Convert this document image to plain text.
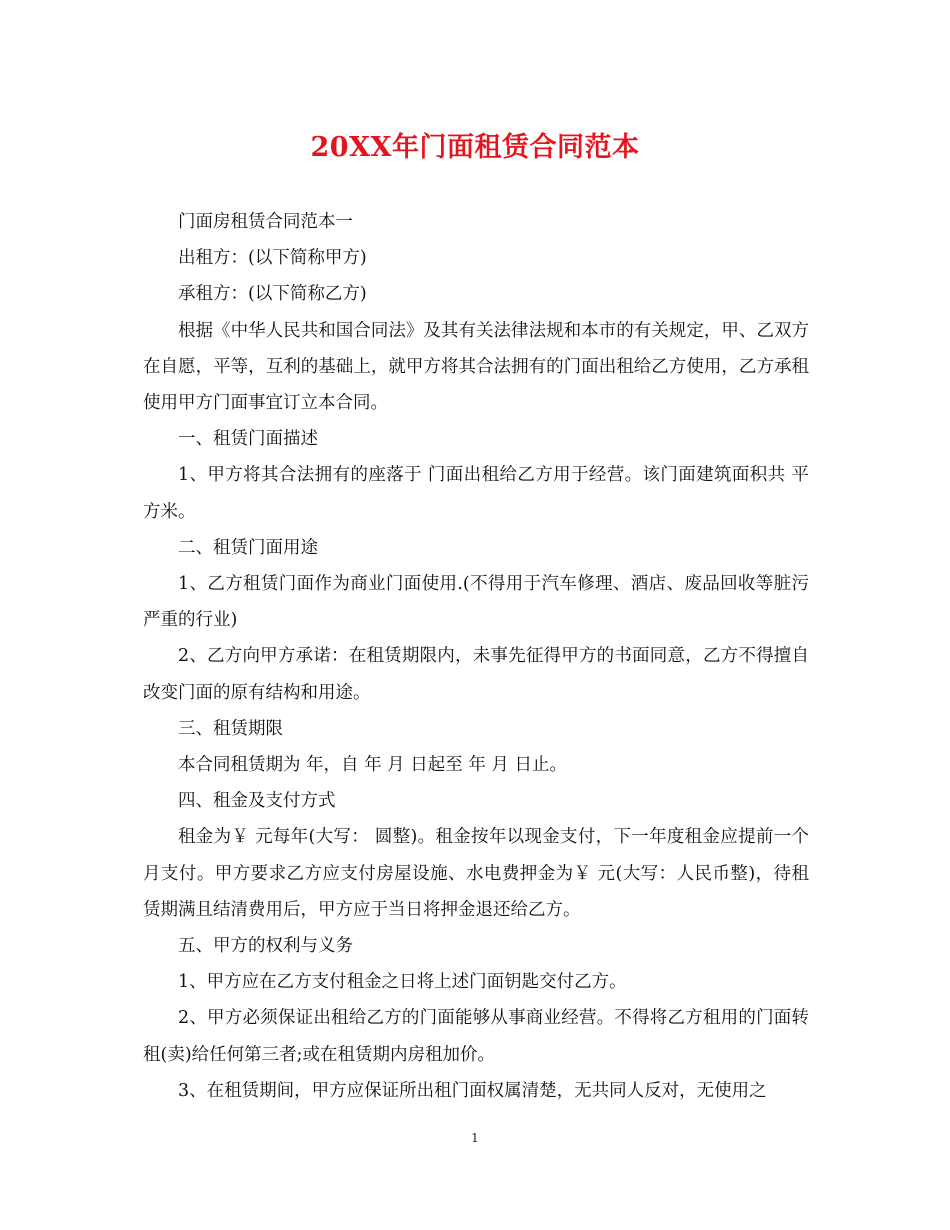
20XX年门面租赁合同范本

门面房租赁合同范本一

出租方：(以下简称甲方)

承租方：(以下简称乙方)

根据《中华人民共和国合同法》及其有关法律法规和本市的有关规定，甲、乙双方在自愿，平等，互利的基础上，就甲方将其合法拥有的门面出租给乙方使用，乙方承租使用甲方门面事宜订立本合同。

一、租赁门面描述

1、甲方将其合法拥有的座落于 门面出租给乙方用于经营。该门面建筑面积共 平方米。

二、租赁门面用途

1、乙方租赁门面作为商业门面使用.(不得用于汽车修理、酒店、废品回收等脏污严重的行业)

2、乙方向甲方承诺：在租赁期限内，未事先征得甲方的书面同意，乙方不得擅自改变门面的原有结构和用途。

三、租赁期限

本合同租赁期为 年，自 年 月 日起至 年 月 日止。

四、租金及支付方式

租金为￥ 元每年(大写： 圆整)。租金按年以现金支付，下一年度租金应提前一个月支付。甲方要求乙方应支付房屋设施、水电费押金为￥ 元(大写：人民币整)，待租赁期满且结清费用后，甲方应于当日将押金退还给乙方。

五、甲方的权利与义务

1、甲方应在乙方支付租金之日将上述门面钥匙交付乙方。

2、甲方必须保证出租给乙方的门面能够从事商业经营。不得将乙方租用的门面转租(卖)给任何第三者;或在租赁期内房租加价。

3、在租赁期间，甲方应保证所出租门面权属清楚，无共同人反对，无使用之

1
